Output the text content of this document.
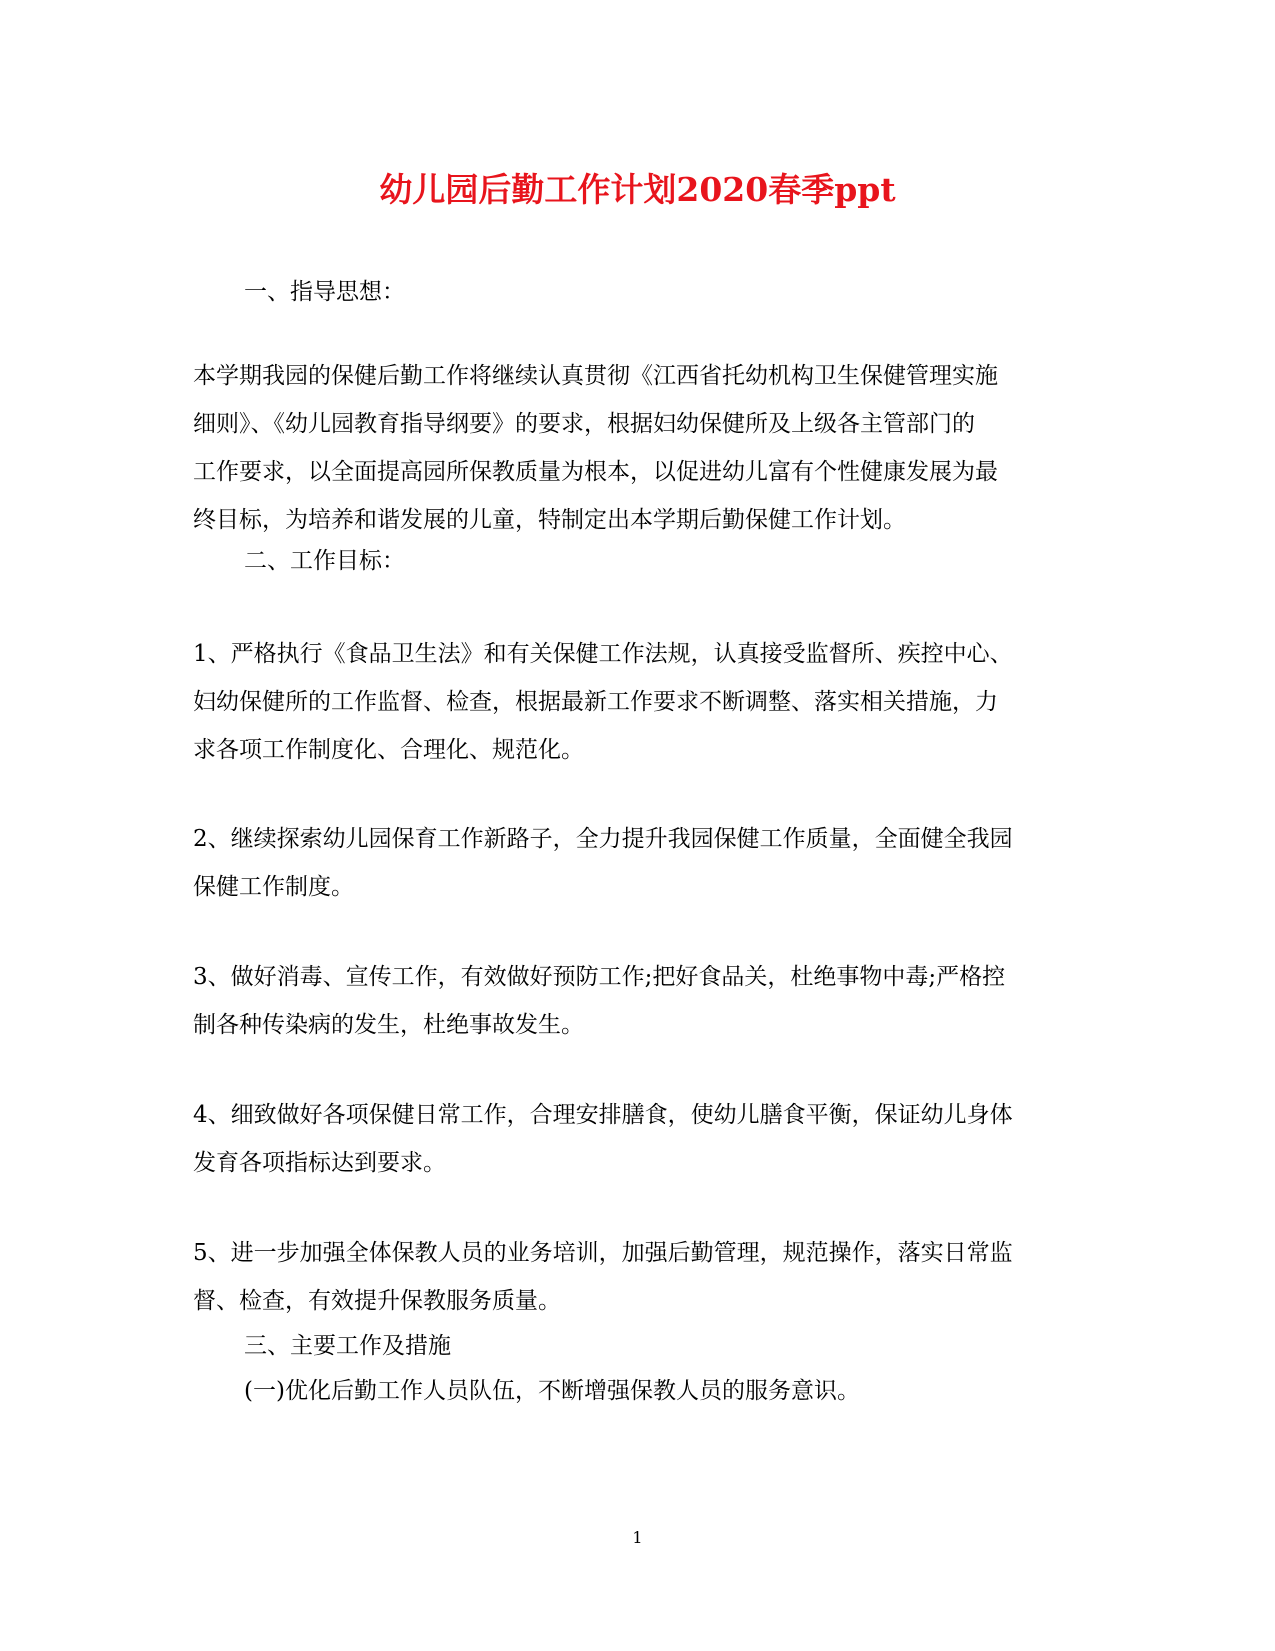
幼儿园后勤工作计划2020春季ppt

一、指导思想：

本学期我园的保健后勤工作将继续认真贯彻《江西省托幼机构卫生保健管理实施
细则》、《幼儿园教育指导纲要》的要求，根据妇幼保健所及上级各主管部门的
工作要求，以全面提高园所保教质量为根本，以促进幼儿富有个性健康发展为最
终目标，为培养和谐发展的儿童，特制定出本学期后勤保健工作计划。

二、工作目标：

1、严格执行《食品卫生法》和有关保健工作法规，认真接受监督所、疾控中心、
妇幼保健所的工作监督、检查，根据最新工作要求不断调整、落实相关措施，力
求各项工作制度化、合理化、规范化。

2、继续探索幼儿园保育工作新路子，全力提升我园保健工作质量，全面健全我园
保健工作制度。

3、做好消毒、宣传工作，有效做好预防工作;把好食品关，杜绝事物中毒;严格控
制各种传染病的发生，杜绝事故发生。

4、细致做好各项保健日常工作，合理安排膳食，使幼儿膳食平衡，保证幼儿身体
发育各项指标达到要求。

5、进一步加强全体保教人员的业务培训，加强后勤管理，规范操作，落实日常监
督、检查，有效提升保教服务质量。

三、主要工作及措施

(一)优化后勤工作人员队伍，不断增强保教人员的服务意识。

1
